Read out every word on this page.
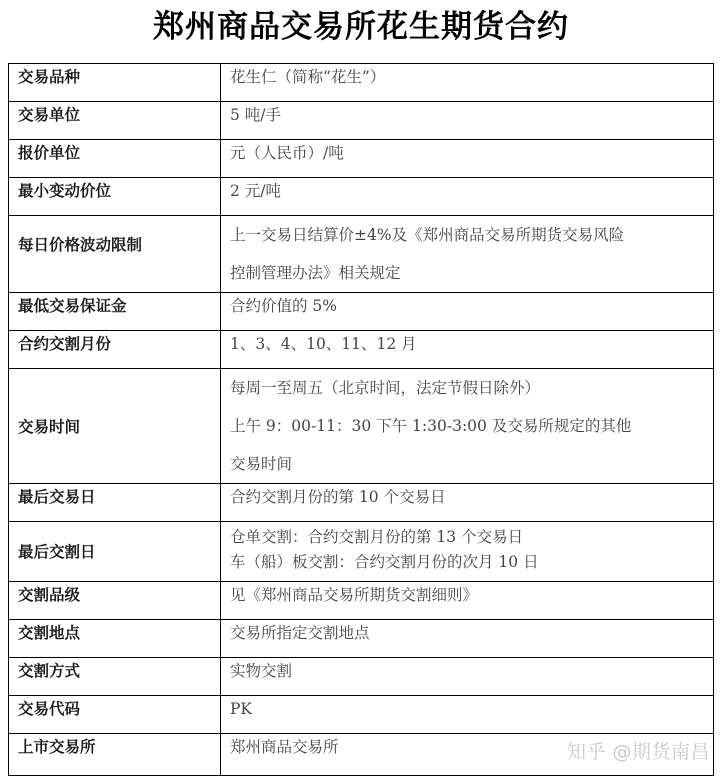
郑州商品交易所花生期货合约
交易品种	花生仁（简称“花生”）

交易单位	5 吨/手

报价单位	元（人民币）/吨

最小变动价位	2 元/吨

每日价格波动限制	上一交易日结算价±4%及《郑州商品交易所期货交易风险
控制管理办法》相关规定

最低交易保证金	合约价值的 5%

合约交割月份	1、3、4、10、11、12 月

交易时间	每周一至周五（北京时间，法定节假日除外）
上午 9：00-11：30 下午 1:30-3:00 及交易所规定的其他
交易时间

最后交易日	合约交割月份的第 10 个交易日

最后交割日	仓单交割：合约交割月份的第 13 个交易日
车（船）板交割：合约交割月份的次月 10 日

交割品级	见《郑州商品交易所期货交割细则》

交割地点	交易所指定交割地点

交割方式	实物交割

交易代码	PK

上市交易所	郑州商品交易所	知乎 @期货南昌
